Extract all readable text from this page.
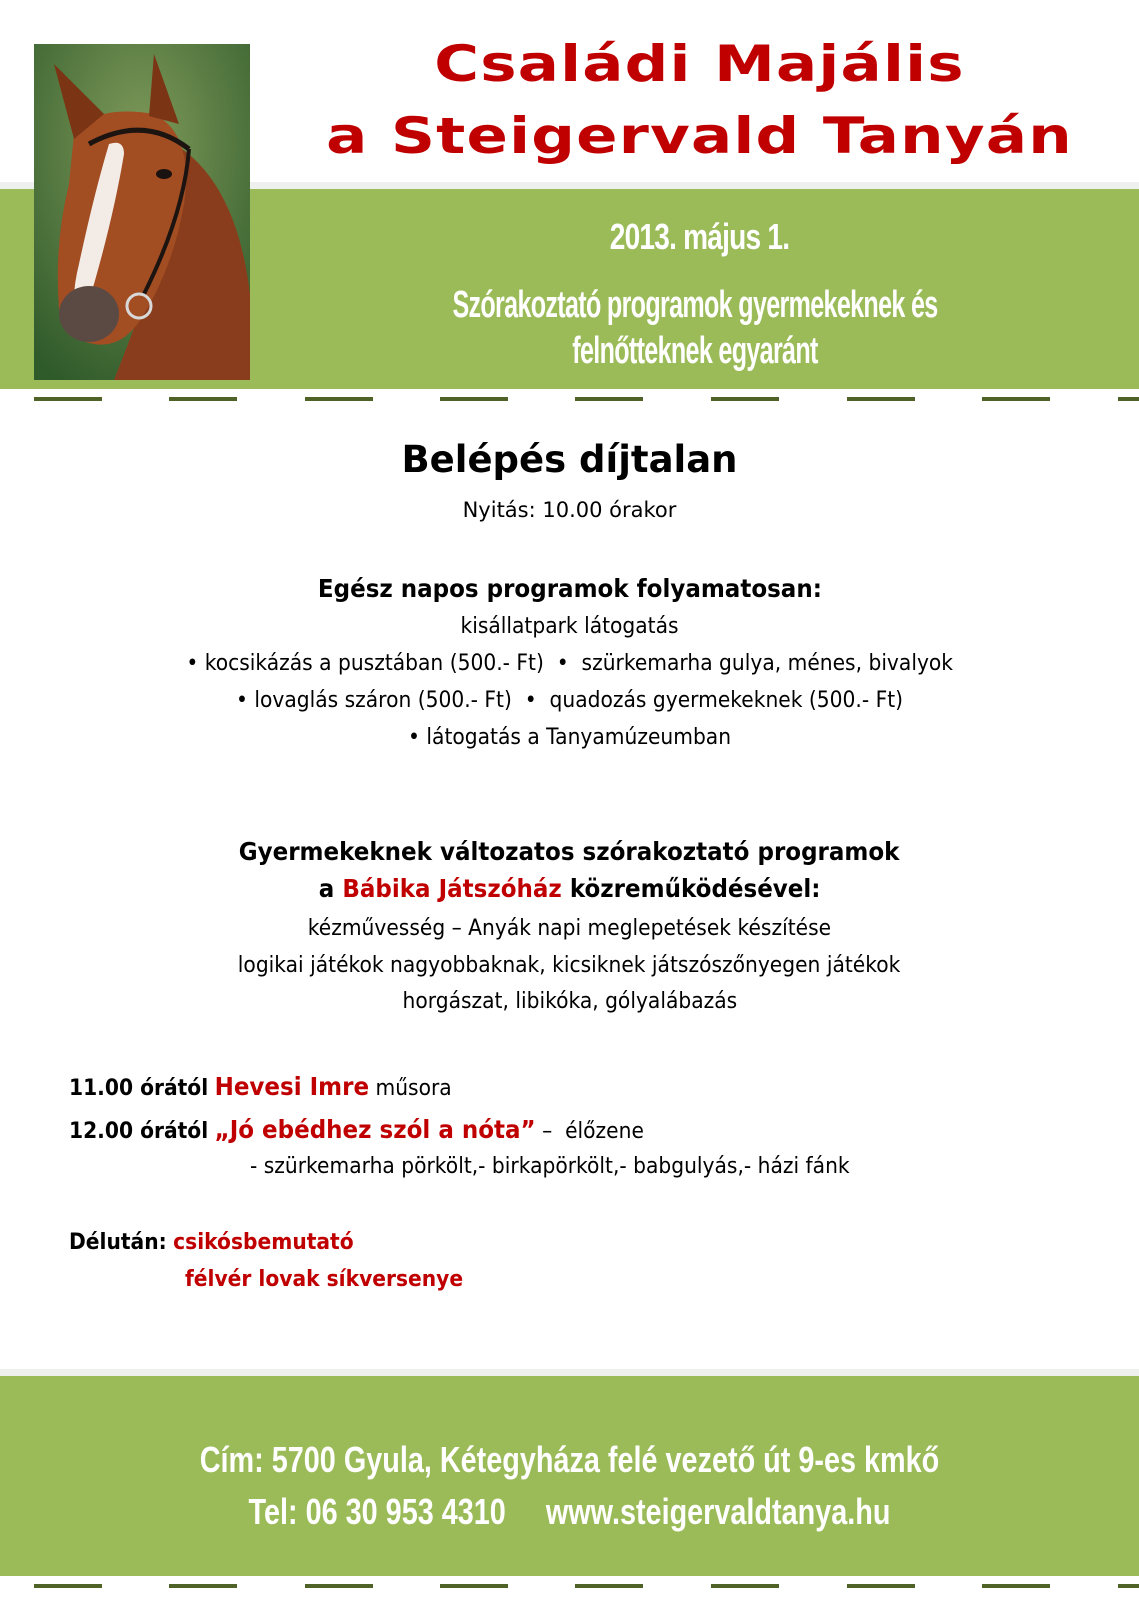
Családi Majális
a Steigervald Tanyán
2013. május 1.
Szórakoztató programok gyermekeknek és felnőtteknek egyaránt
Belépés díjtalan
Nyitás: 10.00 órakor
Egész napos programok folyamatosan:
kisállatpark látogatás
• kocsikázás a pusztában (500.- Ft)  •  szürkemarha gulya, ménes, bivalyok
• lovaglás száron (500.- Ft)  •  quadozás gyermekeknek (500.- Ft)
• látogatás a Tanyamúzeumban
Gyermekeknek változatos szórakoztató programok
a Bábika Játszóház közreműködésével:
kézművesség – Anyák napi meglepetések készítése
logikai játékok nagyobbaknak, kicsiknek játszószőnyegen játékok
horgászat, libikóka, gólyalábazás
11.00 órától Hevesi Imre műsora
12.00 órától „Jó ebédhez szól a nóta” –  élőzene
- szürkemarha pörkölt,- birkapörkölt,- babgulyás,- házi fánk
Délután: csikósbemutató
félvér lovak síkversenye
Cím: 5700 Gyula, Kétegyháza felé vezető út 9-es kmkő
Tel: 06 30 953 4310 www.steigervaldtanya.hu
